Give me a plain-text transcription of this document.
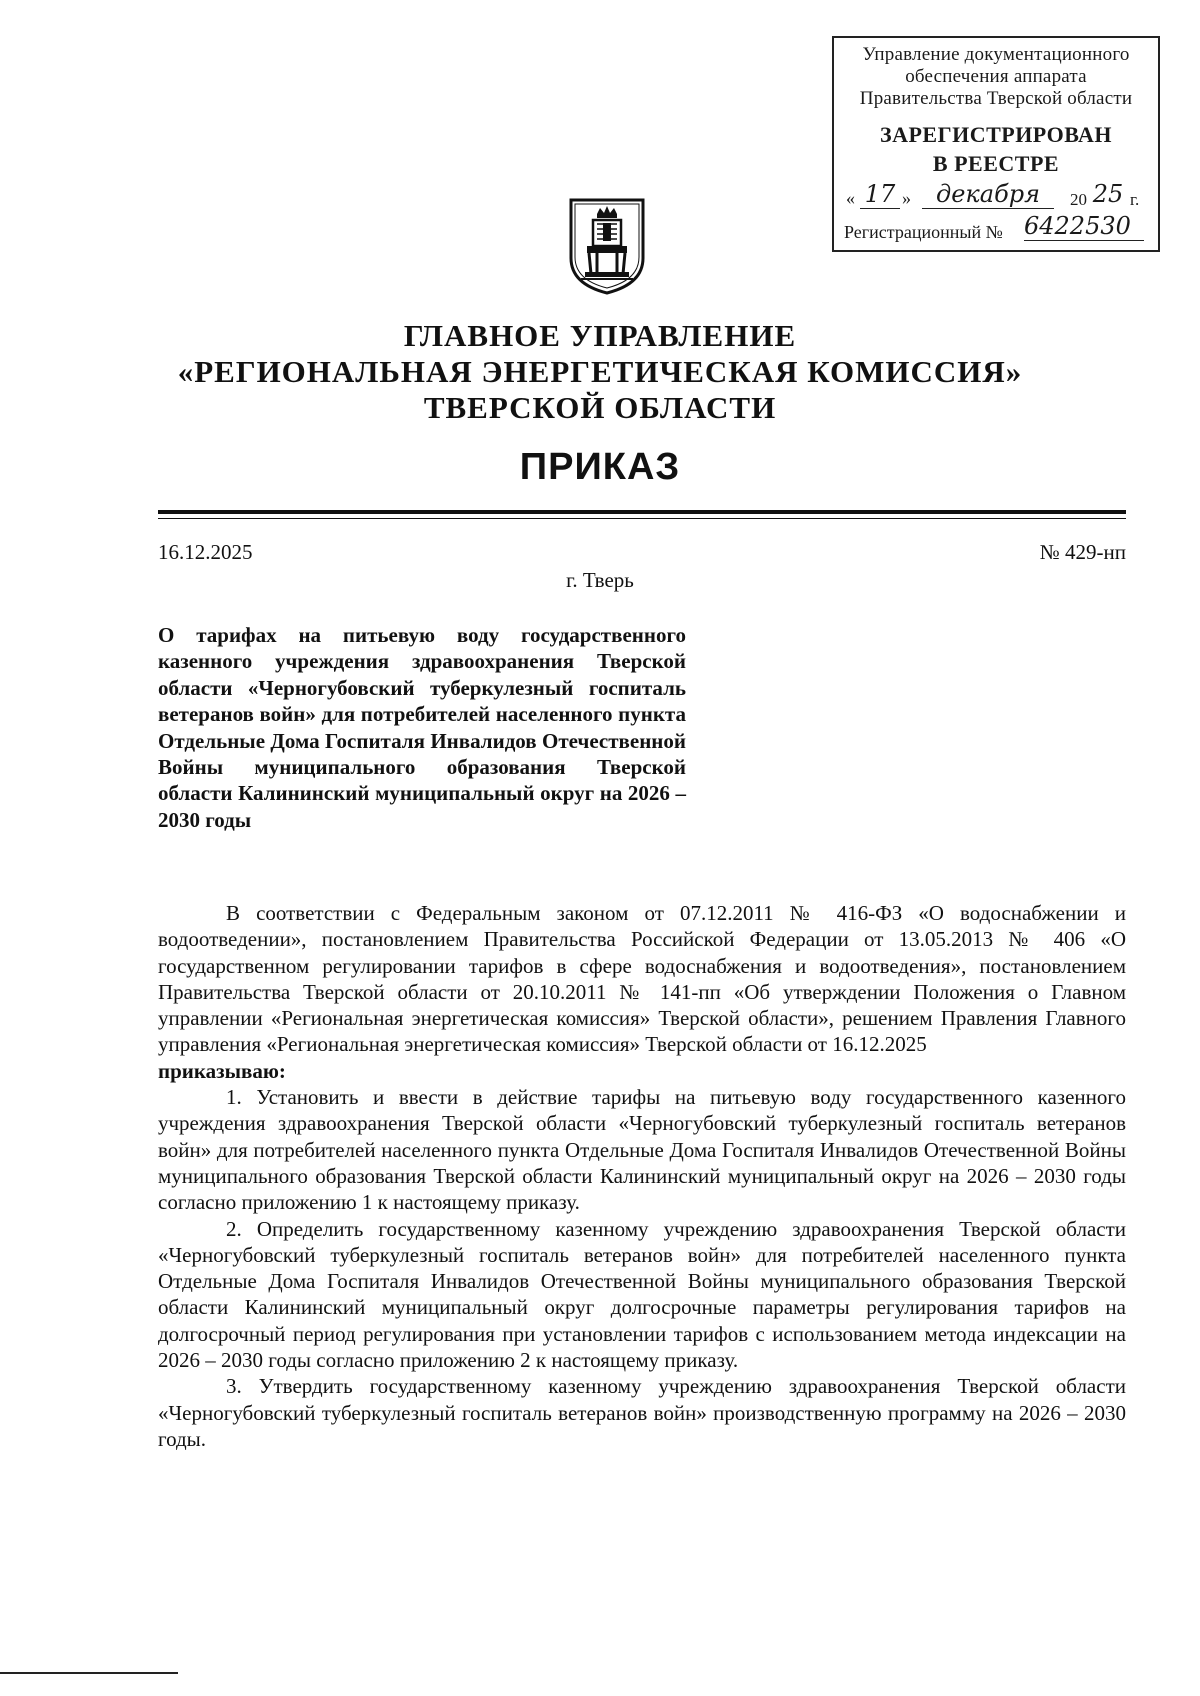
Управление документационного
обеспечения аппарата
Правительства Тверской области
ЗАРЕГИСТРИРОВАН
В РЕЕСТРЕ
« 17 »	декабря	20 25 г.
Регистрационный № 6422530
ГЛАВНОЕ УПРАВЛЕНИЕ
«РЕГИОНАЛЬНАЯ ЭНЕРГЕТИЧЕСКАЯ КОМИССИЯ»
ТВЕРСКОЙ ОБЛАСТИ
ПРИКАЗ
16.12.2025	№ 429-нп
г. Тверь
О тарифах на питьевую воду государственного казенного учреждения здравоохранения Тверской области «Черногубовский туберкулезный госпиталь ветеранов войн» для потребителей населенного пункта Отдельные Дома Госпиталя Инвалидов Отечественной Войны муниципального образования Тверской области Калининский муниципальный округ на 2026 – 2030 годы

В соответствии с Федеральным законом от 07.12.2011 № 416-ФЗ «О водоснабжении и водоотведении», постановлением Правительства Российской Федерации от 13.05.2013 № 406 «О государственном регулировании тарифов в сфере водоснабжения и водоотведения», постановлением Правительства Тверской области от 20.10.2011 № 141-пп «Об утверждении Положения о Главном управлении «Региональная энергетическая комиссия» Тверской области», решением Правления Главного управления «Региональная энергетическая комиссия» Тверской области от 16.12.2025

приказываю:

1. Установить и ввести в действие тарифы на питьевую воду государственного казенного учреждения здравоохранения Тверской области «Черногубовский туберкулезный госпиталь ветеранов войн» для потребителей населенного пункта Отдельные Дома Госпиталя Инвалидов Отечественной Войны муниципального образования Тверской области Калининский муниципальный округ на 2026 – 2030 годы согласно приложению 1 к настоящему приказу.

2. Определить государственному казенному учреждению здравоохранения Тверской области «Черногубовский туберкулезный госпиталь ветеранов войн» для потребителей населенного пункта Отдельные Дома Госпиталя Инвалидов Отечественной Войны муниципального образования Тверской области Калининский муниципальный округ долгосрочные параметры регулирования тарифов на долгосрочный период регулирования при установлении тарифов с использованием метода индексации на 2026 – 2030 годы согласно приложению 2 к настоящему приказу.

3. Утвердить государственному казенному учреждению здравоохранения Тверской области «Черногубовский туберкулезный госпиталь ветеранов войн» производственную программу на 2026 – 2030 годы.
